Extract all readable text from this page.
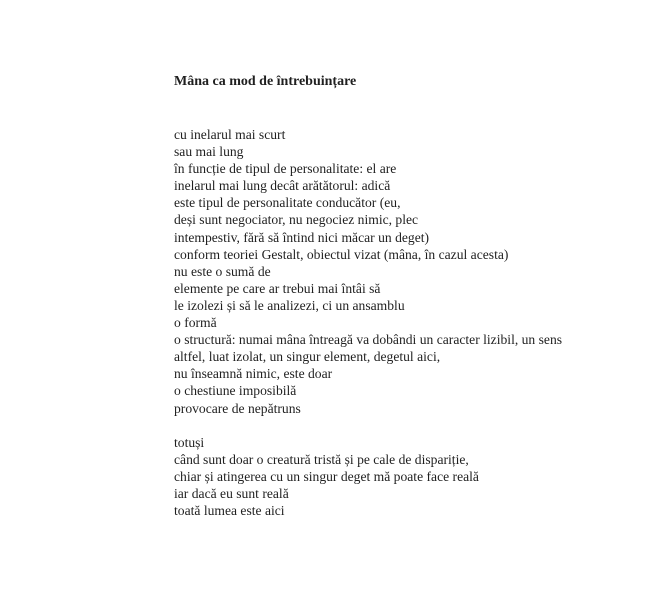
Mâna ca mod de întrebuințare
cu inelarul mai scurt
sau mai lung
în funcție de tipul de personalitate: el are
inelarul mai lung decât arătătorul: adică
este tipul de personalitate conducător (eu,
deși sunt negociator, nu negociez nimic, plec
intempestiv, fără să întind nici măcar un deget)
conform teoriei Gestalt, obiectul vizat (mâna, în cazul acesta)
nu este o sumă de
elemente pe care ar trebui mai întâi să
le izolezi și să le analizezi, ci un ansamblu
o formă
o structură: numai mâna întreagă va dobândi un caracter lizibil, un sens
altfel, luat izolat, un singur element, degetul aici,
nu înseamnă nimic, este doar
o chestiune imposibilă
provocare de nepătruns
totuși
când sunt doar o creatură tristă și pe cale de dispariție,
chiar și atingerea cu un singur deget mă poate face reală
iar dacă eu sunt reală
toată lumea este aici
